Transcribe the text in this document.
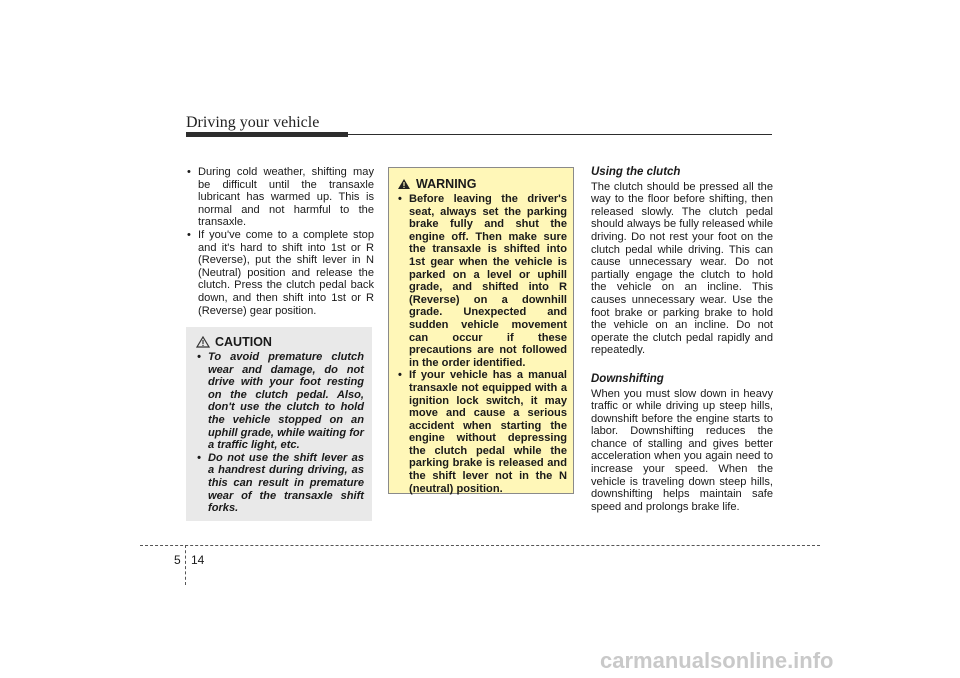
Driving your vehicle
• During cold weather, shifting may be difficult until the transaxle lubricant has warmed up. This is normal and not harmful to the transaxle.
• If you've come to a complete stop and it's hard to shift into 1st or R (Reverse), put the shift lever in N (Neutral) position and release the clutch. Press the clutch pedal back down, and then shift into 1st or R (Reverse) gear position.
CAUTION
• To avoid premature clutch wear and damage, do not drive with your foot resting on the clutch pedal. Also, don't use the clutch to hold the vehicle stopped on an uphill grade, while waiting for a traffic light, etc.
• Do not use the shift lever as a handrest during driving, as this can result in premature wear of the transaxle shift forks.
WARNING
• Before leaving the driver's seat, always set the parking brake fully and shut the engine off. Then make sure the transaxle is shifted into 1st gear when the vehicle is parked on a level or uphill grade, and shifted into R (Reverse) on a downhill grade. Unexpected and sudden vehicle movement can occur if these precautions are not followed in the order identified.
• If your vehicle has a manual transaxle not equipped with a ignition lock switch, it may move and cause a serious accident when starting the engine without depressing the clutch pedal while the parking brake is released and the shift lever not in the N (neutral) position.
Using the clutch
The clutch should be pressed all the way to the floor before shifting, then released slowly. The clutch pedal should always be fully released while driving. Do not rest your foot on the clutch pedal while driving. This can cause unnecessary wear. Do not partially engage the clutch to hold the vehicle on an incline. This causes unnecessary wear. Use the foot brake or parking brake to hold the vehicle on an incline. Do not operate the clutch pedal rapidly and repeatedly.
Downshifting
When you must slow down in heavy traffic or while driving up steep hills, downshift before the engine starts to labor. Downshifting reduces the chance of stalling and gives better acceleration when you again need to increase your speed. When the vehicle is traveling down steep hills, downshifting helps maintain safe speed and prolongs brake life.
5 14
carmanualsonline.info
